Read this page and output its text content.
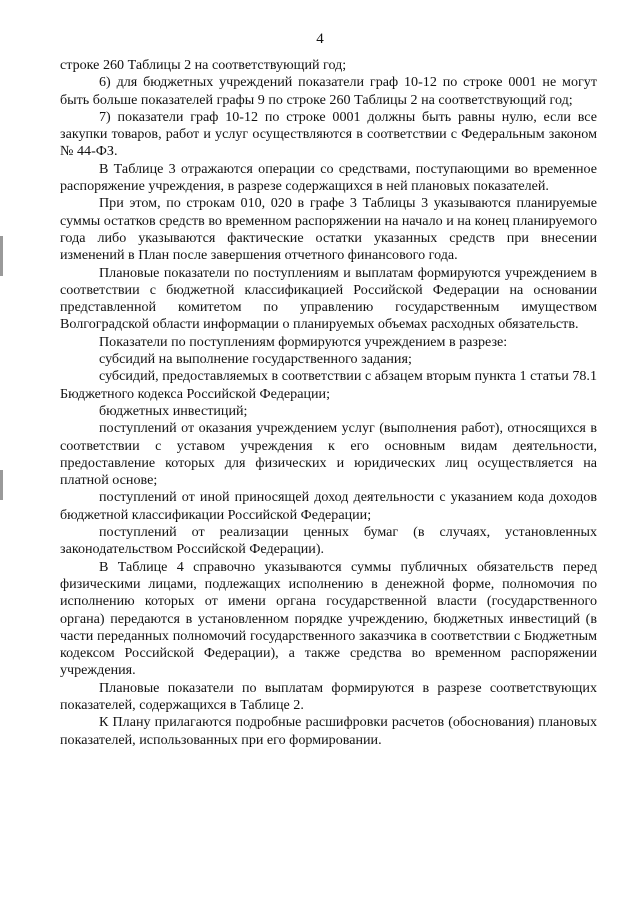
4

строке 260 Таблицы 2 на соответствующий год;

6) для бюджетных учреждений показатели граф 10-12 по строке 0001 не могут быть больше показателей графы 9 по строке 260 Таблицы 2 на соответствующий год;

7) показатели граф 10-12 по строке 0001 должны быть равны нулю, если все закупки товаров, работ и услуг осуществляются в соответствии с Федеральным законом № 44-ФЗ.

В Таблице 3 отражаются операции со средствами, поступающими во временное распоряжение учреждения, в разрезе содержащихся в ней плановых показателей.

При этом, по строкам 010, 020 в графе 3 Таблицы 3 указываются планируемые суммы остатков средств во временном распоряжении на начало и на конец планируемого года либо указываются фактические остатки указанных средств при внесении изменений в План после завершения отчетного финансового года.

Плановые показатели по поступлениям и выплатам формируются учреждением в соответствии с бюджетной классификацией Российской Федерации на основании представленной комитетом по управлению государственным имуществом Волгоградской области информации о планируемых объемах расходных обязательств.

Показатели по поступлениям формируются учреждением в разрезе:

субсидий на выполнение государственного задания;

субсидий, предоставляемых в соответствии с абзацем вторым пункта 1 статьи 78.1 Бюджетного кодекса Российской Федерации;

бюджетных инвестиций;

поступлений от оказания учреждением услуг (выполнения работ), относящихся в соответствии с уставом учреждения к его основным видам деятельности, предоставление которых для физических и юридических лиц осуществляется на платной основе;

поступлений от иной приносящей доход деятельности с указанием кода доходов бюджетной классификации Российской Федерации;

поступлений от реализации ценных бумаг (в случаях, установленных законодательством Российской Федерации).

В Таблице 4 справочно указываются суммы публичных обязательств перед физическими лицами, подлежащих исполнению в денежной форме, полномочия по исполнению которых от имени органа государственной власти (государственного органа) передаются в установленном порядке учреждению, бюджетных инвестиций (в части переданных полномочий государственного заказчика в соответствии с Бюджетным кодексом Российской Федерации), а также средства во временном распоряжении учреждения.

Плановые показатели по выплатам формируются в разрезе соответствующих показателей, содержащихся в Таблице 2.

К Плану прилагаются подробные расшифровки расчетов (обоснования) плановых показателей, использованных при его формировании.
